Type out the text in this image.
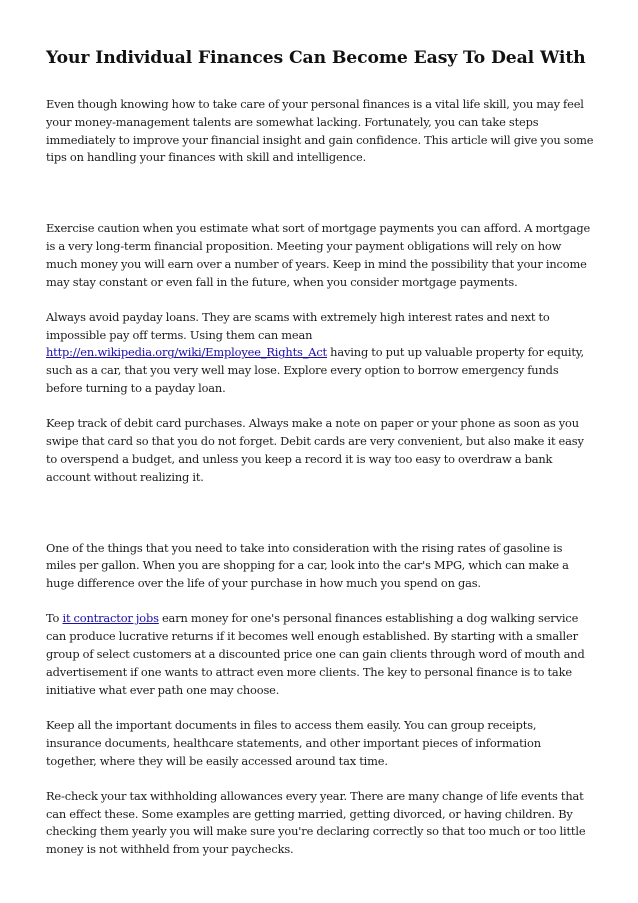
Your Individual Finances Can Become Easy To Deal With

Even though knowing how to take care of your personal finances is a vital life skill, you may feel your money-management talents are somewhat lacking. Fortunately, you can take steps immediately to improve your financial insight and gain confidence. This article will give you some tips on handling your finances with skill and intelligence.

Exercise caution when you estimate what sort of mortgage payments you can afford. A mortgage is a very long-term financial proposition. Meeting your payment obligations will rely on how much money you will earn over a number of years. Keep in mind the possibility that your income may stay constant or even fall in the future, when you consider mortgage payments.

Always avoid payday loans. They are scams with extremely high interest rates and next to impossible pay off terms. Using them can mean http://en.wikipedia.org/wiki/Employee_Rights_Act having to put up valuable property for equity, such as a car, that you very well may lose. Explore every option to borrow emergency funds before turning to a payday loan.

Keep track of debit card purchases. Always make a note on paper or your phone as soon as you swipe that card so that you do not forget. Debit cards are very convenient, but also make it easy to overspend a budget, and unless you keep a record it is way too easy to overdraw a bank account without realizing it.

One of the things that you need to take into consideration with the rising rates of gasoline is miles per gallon. When you are shopping for a car, look into the car's MPG, which can make a huge difference over the life of your purchase in how much you spend on gas.

To it contractor jobs earn money for one's personal finances establishing a dog walking service can produce lucrative returns if it becomes well enough established. By starting with a smaller group of select customers at a discounted price one can gain clients through word of mouth and advertisement if one wants to attract even more clients. The key to personal finance is to take initiative what ever path one may choose.

Keep all the important documents in files to access them easily. You can group receipts, insurance documents, healthcare statements, and other important pieces of information together, where they will be easily accessed around tax time.

Re-check your tax withholding allowances every year. There are many change of life events that can effect these. Some examples are getting married, getting divorced, or having children. By checking them yearly you will make sure you're declaring correctly so that too much or too little money is not withheld from your paychecks.
